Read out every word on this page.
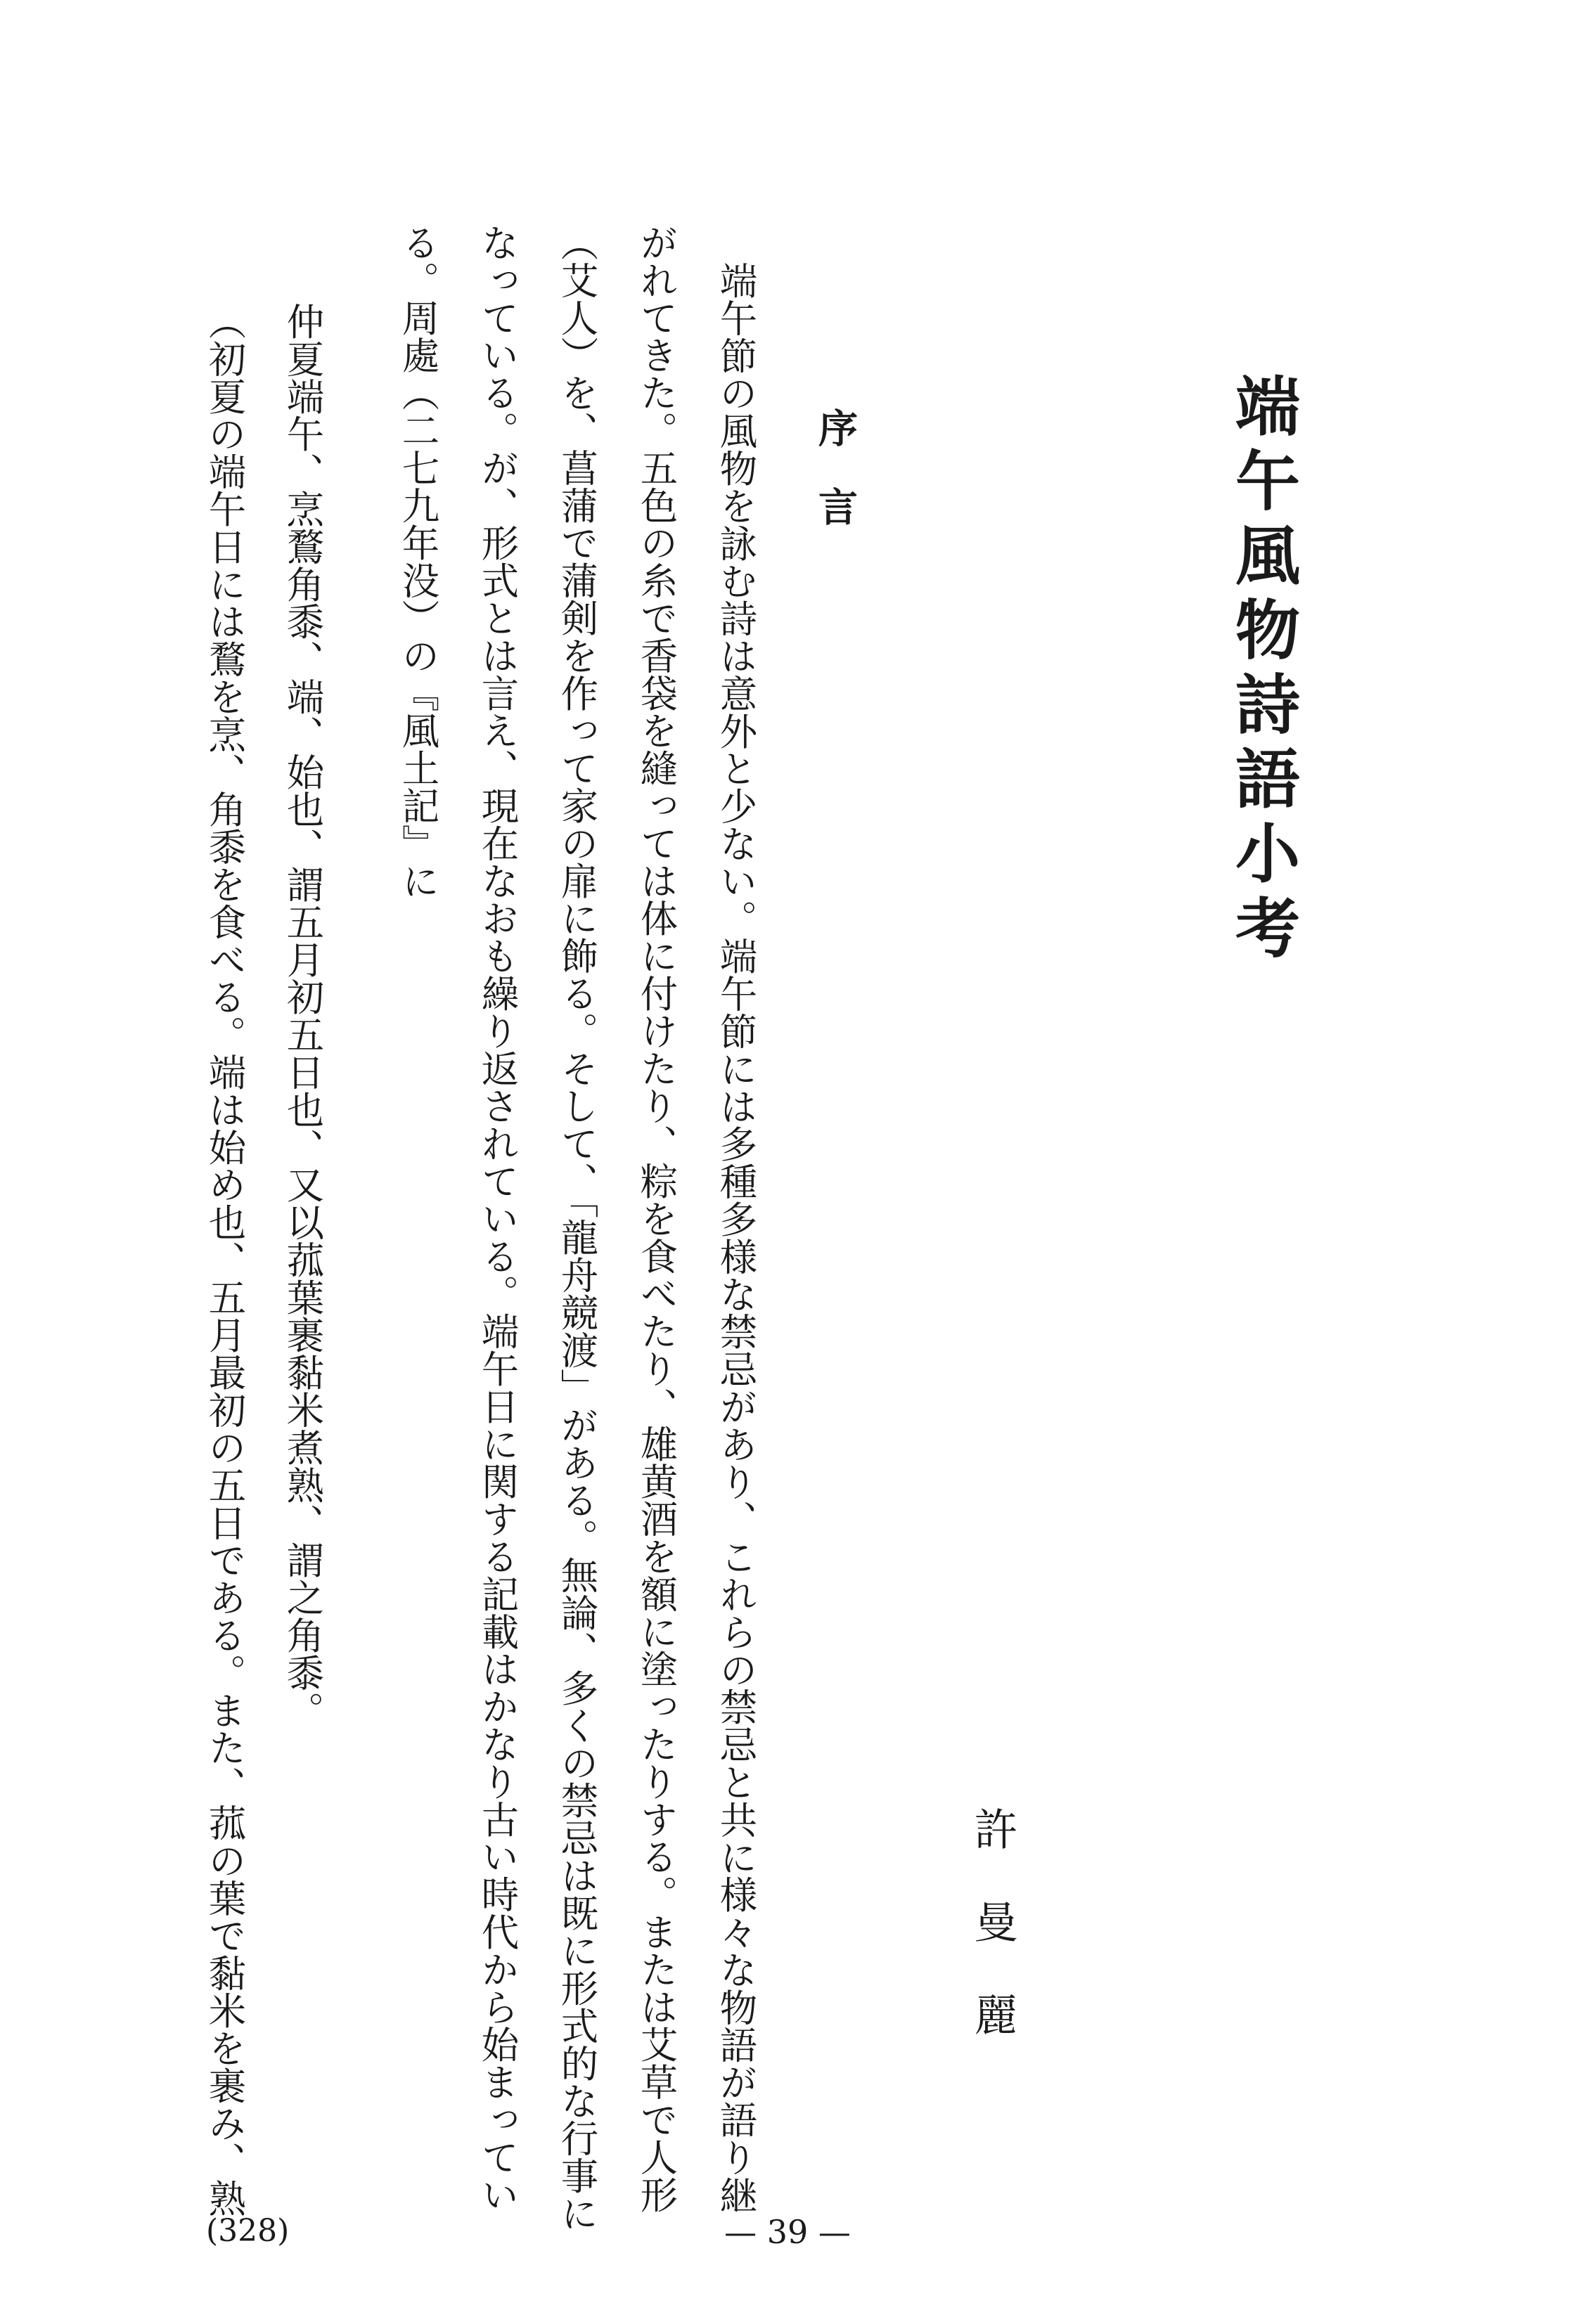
端午風物詩語小考
許曼麗
序言

端午節の風物を詠む詩は意外と少ない。端午節には多種多様な禁忌があり、これらの禁忌と共に様々な物語が語り継

がれてきた。五色の糸で香袋を縫っては体に付けたり、粽を食べたり、雄黄酒を額に塗ったりする。または艾草で人形

（艾人）を、菖蒲で蒲剣を作って家の扉に飾る。そして、「龍舟競渡」がある。無論、多くの禁忌は既に形式的な行事に

なっている。が、形式とは言え、現在なおも繰り返されている。端午日に関する記載はかなり古い時代から始まってい

る。周處（二七九年没）の『風土記』に

仲夏端午、烹鶩角黍、端、始也、謂五月初五日也、又以菰葉裹黏米煮熟、謂之角黍。

（初夏の端午日には鶩を烹、角黍を食べる。端は始め也、五月最初の五日である。また、菰の葉で黏米を裹み、熟

— 39 —

(328)
